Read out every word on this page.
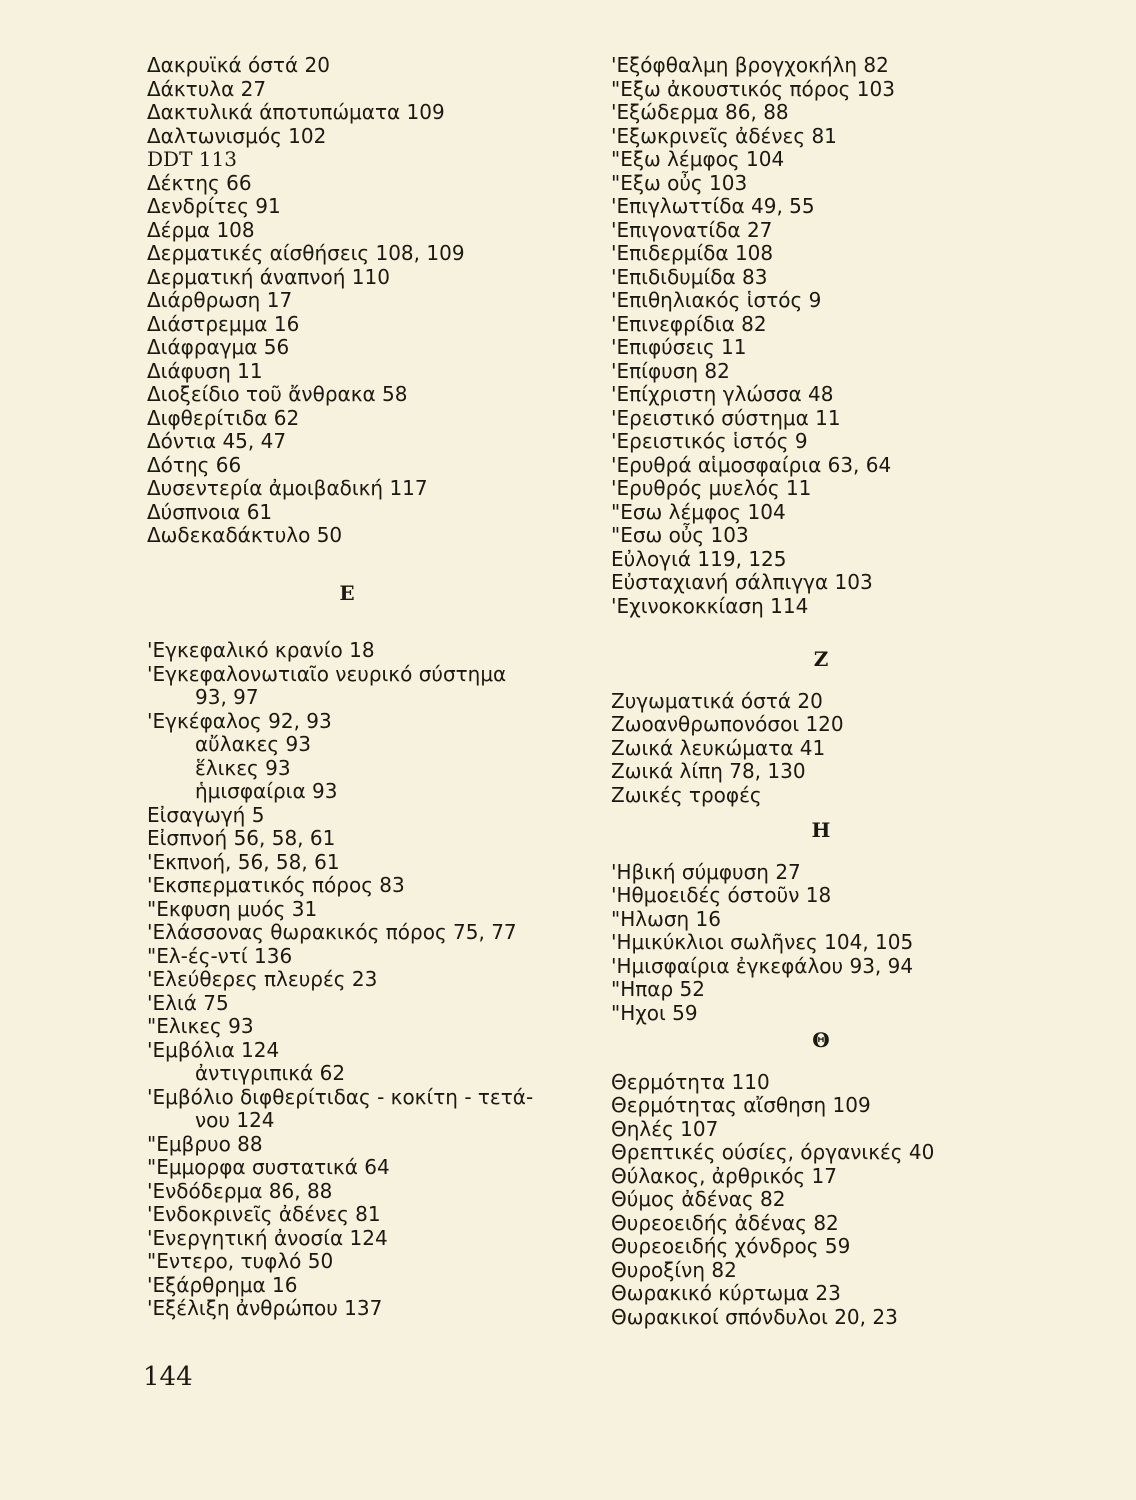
Δακρυϊκά όστά 20
Δάκτυλα 27
Δακτυλικά άποτυπώματα 109
Δαλτωνισμός 102
DDT 113
Δέκτης 66
Δενδρίτες 91
Δέρμα 108
Δερματικές αίσθήσεις 108, 109
Δερματική άναπνοή 110
Διάρθρωση 17
Διάστρεμμα 16
Διάφραγμα 56
Διάφυση 11
Διοξείδιο τοῦ ἄνθρακα 58
Διφθερίτιδα 62
Δόντια 45, 47
Δότης 66
Δυσεντερία ἀμοιβαδική 117
Δύσπνοια 61
Δωδεκαδάκτυλο 50
Ε
'Εγκεφαλικό κρανίο 18
'Εγκεφαλονωτιαῖο νευρικό σύστημα
93, 97
'Εγκέφαλος 92, 93
αὔλακες 93
ἕλικες 93
ἡμισφαίρια 93
Εἰσαγωγή 5
Εἰσπνοή 56, 58, 61
'Εκπνοή, 56, 58, 61
'Εκσπερματικός πόρος 83
"Εκφυση μυός 31
'Ελάσσονας θωρακικός πόρος 75, 77
"Ελ-ές-ντί 136
'Ελεύθερες πλευρές 23
'Ελιά 75
"Ελικες 93
'Εμβόλια 124
ἀντιγριπικά 62
'Εμβόλιο διφθερίτιδας - κοκίτη - τετά-
νου 124
"Εμβρυο 88
"Εμμορφα συστατικά 64
'Ενδόδερμα 86, 88
'Ενδοκρινεῖς ἀδένες 81
'Ενεργητική ἀνοσία 124
"Εντερο, τυφλό 50
'Εξάρθρημα 16
'Εξέλιξη ἀνθρώπου 137
'Εξόφθαλμη βρογχοκήλη 82
"Εξω ἀκουστικός πόρος 103
'Εξώδερμα 86, 88
'Εξωκρινεῖς ἀδένες 81
"Εξω λέμφος 104
"Εξω οὖς 103
'Επιγλωττίδα 49, 55
'Επιγονατίδα 27
'Επιδερμίδα 108
'Επιδιδυμίδα 83
'Επιθηλιακός ἱστός 9
'Επινεφρίδια 82
'Επιφύσεις 11
'Επίφυση 82
'Επίχριστη γλώσσα 48
'Ερειστικό σύστημα 11
'Ερειστικός ἱστός 9
'Ερυθρά αἱμοσφαίρια 63, 64
'Ερυθρός μυελός 11
"Εσω λέμφος 104
"Εσω οὖς 103
Εὐλογιά 119, 125
Εὐσταχιανή σάλπιγγα 103
'Εχινοκοκκίαση 114
Ζ
Ζυγωματικά όστά 20
Ζωοανθρωπονόσοι 120
Ζωικά λευκώματα 41
Ζωικά λίπη 78, 130
Ζωικές τροφές
Η
'Ηβική σύμφυση 27
'Ηθμοειδές όστοῦν 18
"Ηλωση 16
'Ημικύκλιοι σωλῆνες 104, 105
'Ημισφαίρια ἐγκεφάλου 93, 94
"Ηπαρ 52
"Ηχοι 59
Θ
Θερμότητα 110
Θερμότητας αἴσθηση 109
Θηλές 107
Θρεπτικές ούσίες, όργανικές 40
Θύλακος, ἀρθρικός 17
Θύμος ἀδένας 82
Θυρεοειδής ἀδένας 82
Θυρεοειδής χόνδρος 59
Θυροξίνη 82
Θωρακικό κύρτωμα 23
Θωρακικοί σπόνδυλοι 20, 23
144
